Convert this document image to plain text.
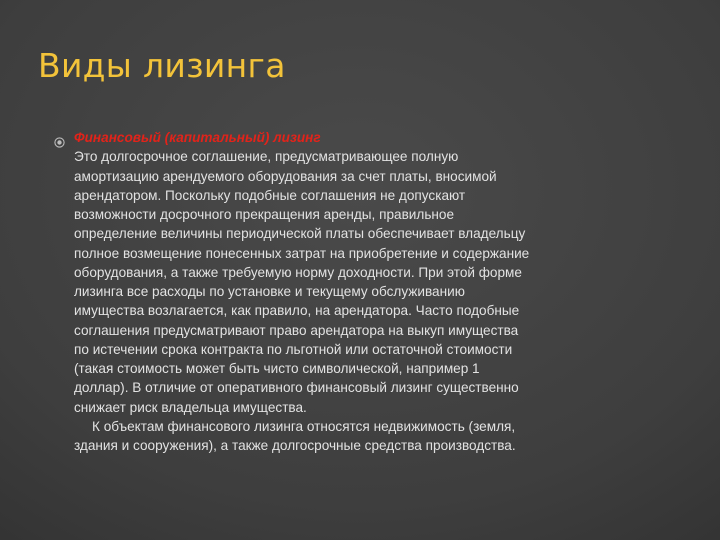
Виды лизинга
Финансовый (капитальный) лизинг
Это долгосрочное соглашение, предусматривающее полную
амортизацию арендуемого оборудования за счет платы, вносимой
арендатором. Поскольку подобные соглашения не допускают
возможности досрочного прекращения аренды, правильное
определение величины периодической платы обеспечивает владельцу
полное возмещение понесенных затрат на приобретение и содержание
оборудования, а также требуемую норму доходности. При этой форме
лизинга все расходы по установке и текущему обслуживанию
имущества возлагается, как правило, на арендатора. Часто подобные
соглашения предусматривают право арендатора на выкуп имущества
по истечении срока контракта по льготной или остаточной стоимости
(такая стоимость может быть чисто символической, например 1
доллар). В отличие от оперативного финансовый лизинг существенно
снижает риск владельца имущества.
К объектам финансового лизинга относятся недвижимость (земля,
здания и сооружения), а также долгосрочные средства производства.
